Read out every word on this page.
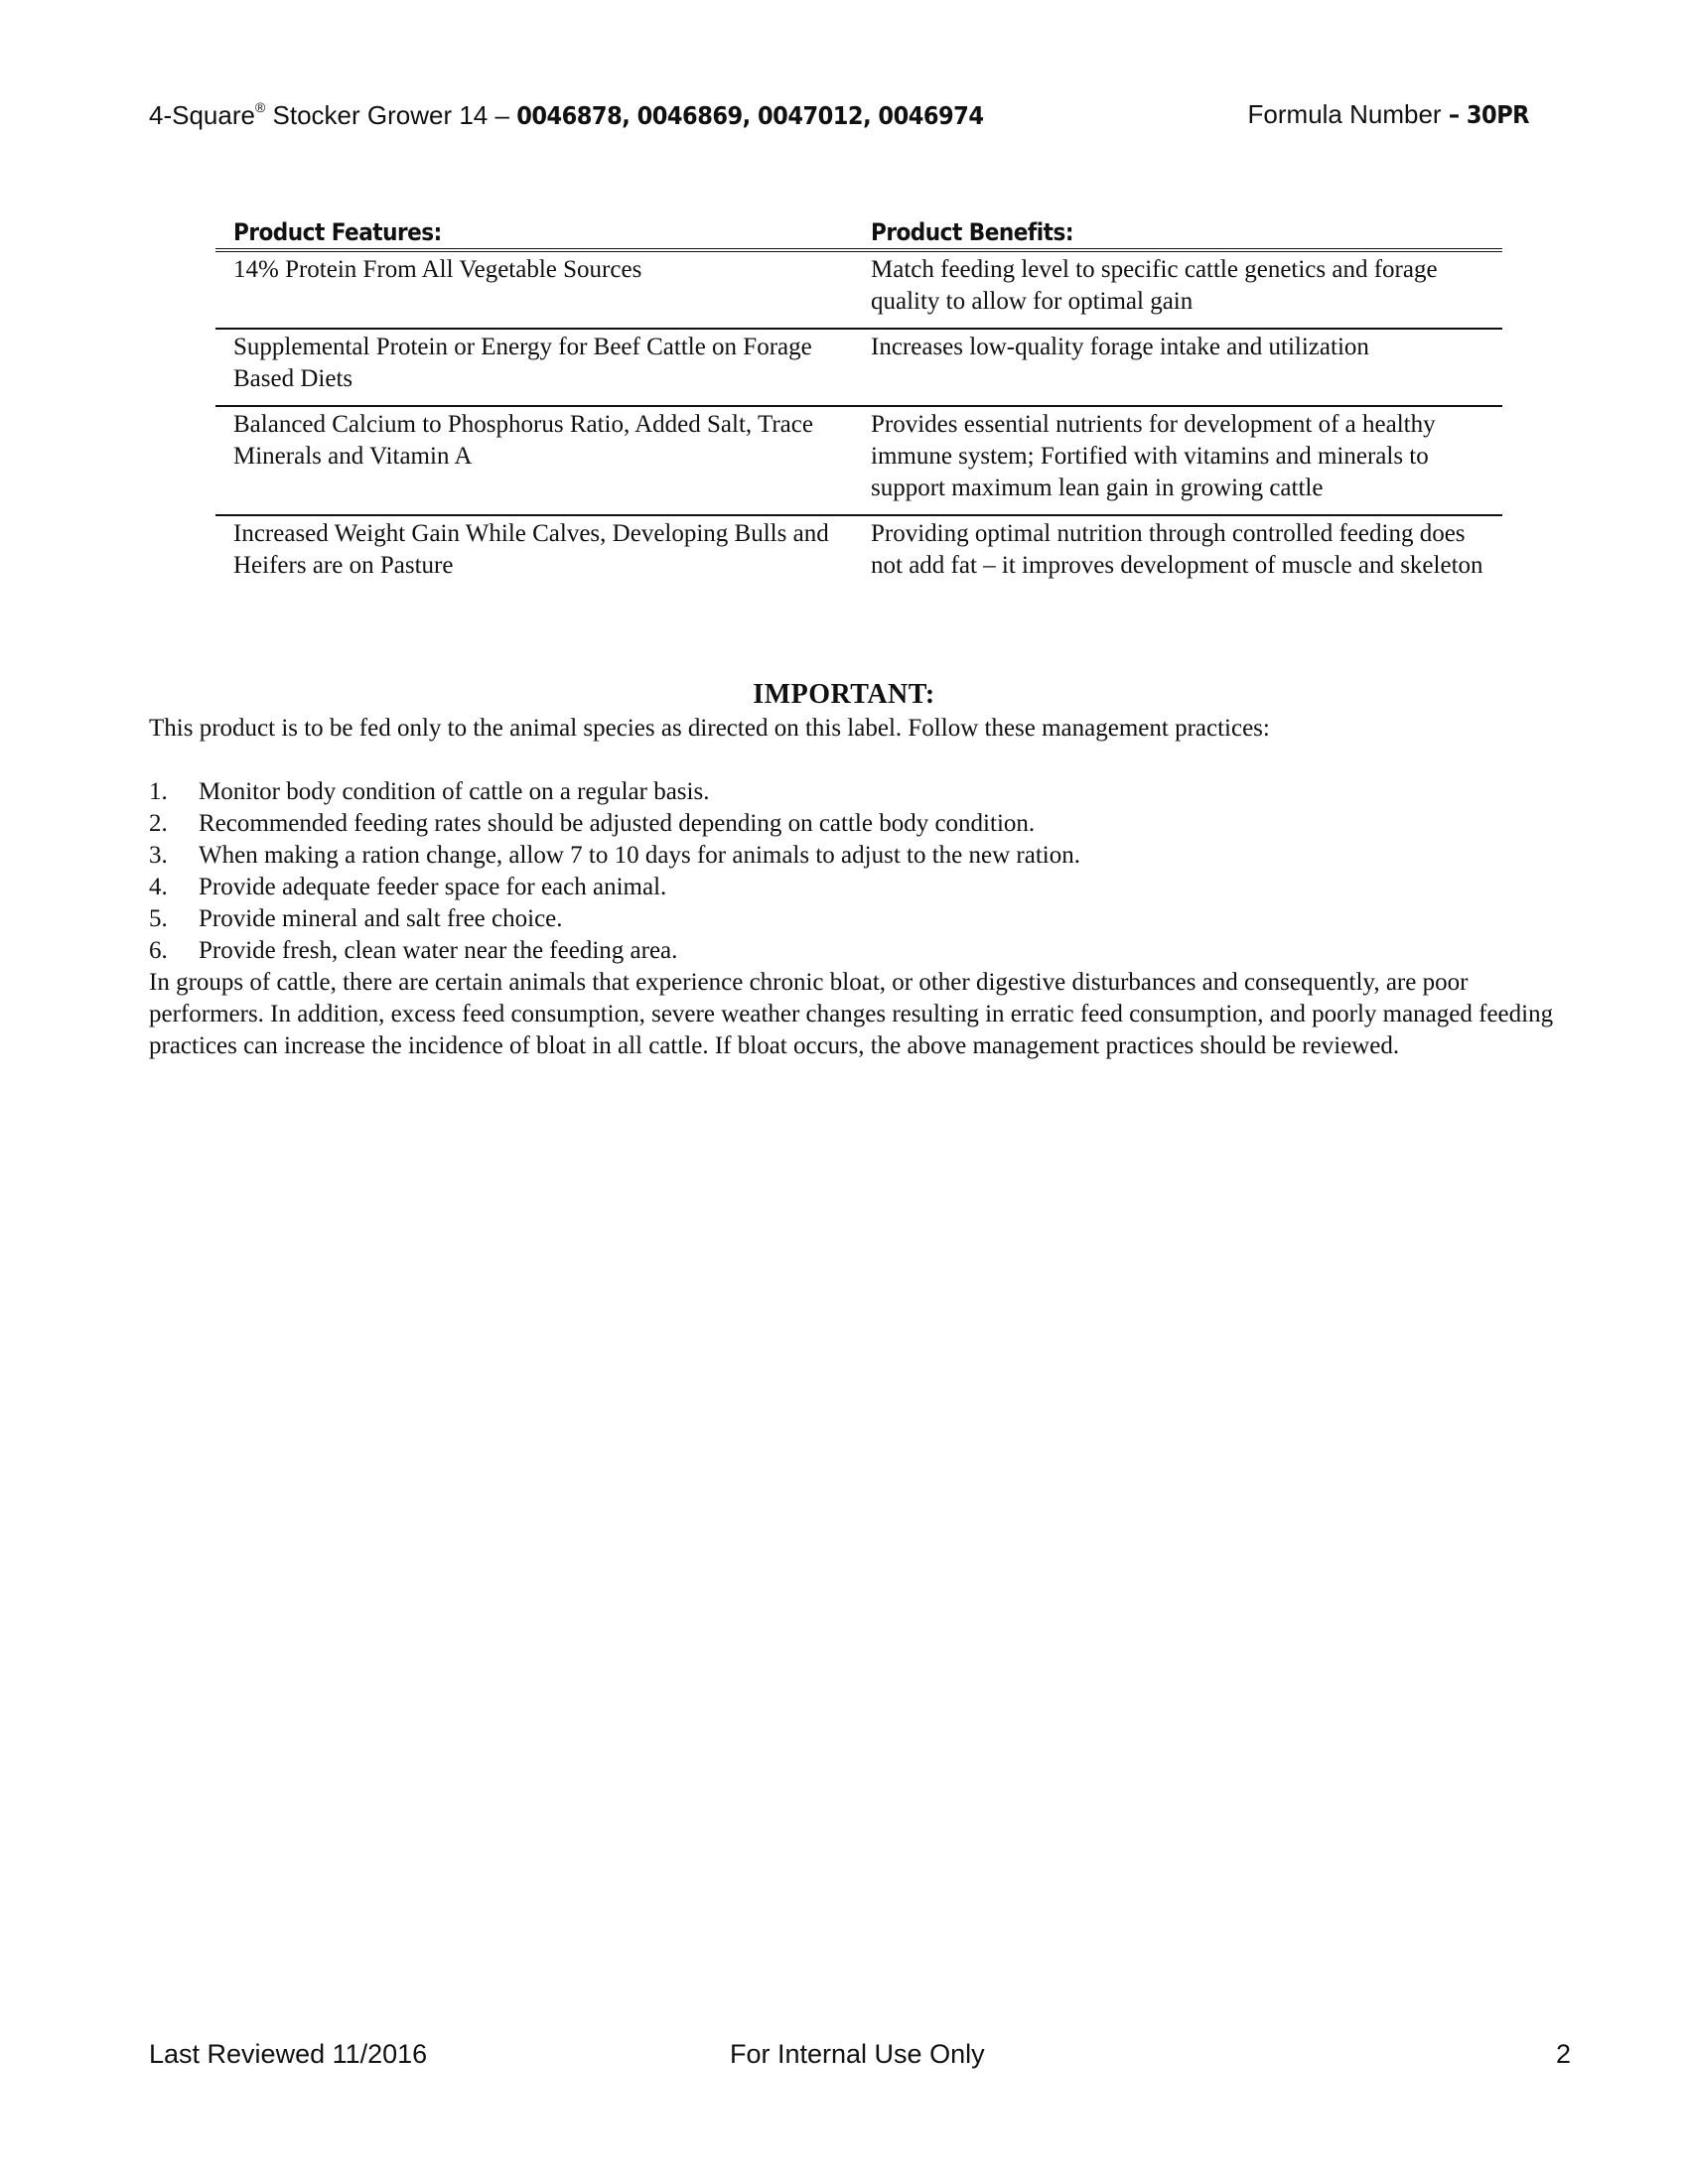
4-Square® Stocker Grower 14 – 0046878, 0046869, 0047012, 0046974	Formula Number – 30PR
Product Features:	Product Benefits:
14% Protein From All Vegetable Sources	Match feeding level to specific cattle genetics and forage quality to allow for optimal gain
Supplemental Protein or Energy for Beef Cattle on Forage Based Diets	Increases low-quality forage intake and utilization
Balanced Calcium to Phosphorus Ratio, Added Salt, Trace Minerals and Vitamin A	Provides essential nutrients for development of a healthy immune system; Fortified with vitamins and minerals to support maximum lean gain in growing cattle
Increased Weight Gain While Calves, Developing Bulls and Heifers are on Pasture	Providing optimal nutrition through controlled feeding does not add fat – it improves development of muscle and skeleton
IMPORTANT:
This product is to be fed only to the animal species as directed on this label. Follow these management practices:
1. Monitor body condition of cattle on a regular basis.
2. Recommended feeding rates should be adjusted depending on cattle body condition.
3. When making a ration change, allow 7 to 10 days for animals to adjust to the new ration.
4. Provide adequate feeder space for each animal.
5. Provide mineral and salt free choice.
6. Provide fresh, clean water near the feeding area.
In groups of cattle, there are certain animals that experience chronic bloat, or other digestive disturbances and consequently, are poor performers. In addition, excess feed consumption, severe weather changes resulting in erratic feed consumption, and poorly managed feeding practices can increase the incidence of bloat in all cattle. If bloat occurs, the above management practices should be reviewed.
Last Reviewed 11/2016	For Internal Use Only	2
